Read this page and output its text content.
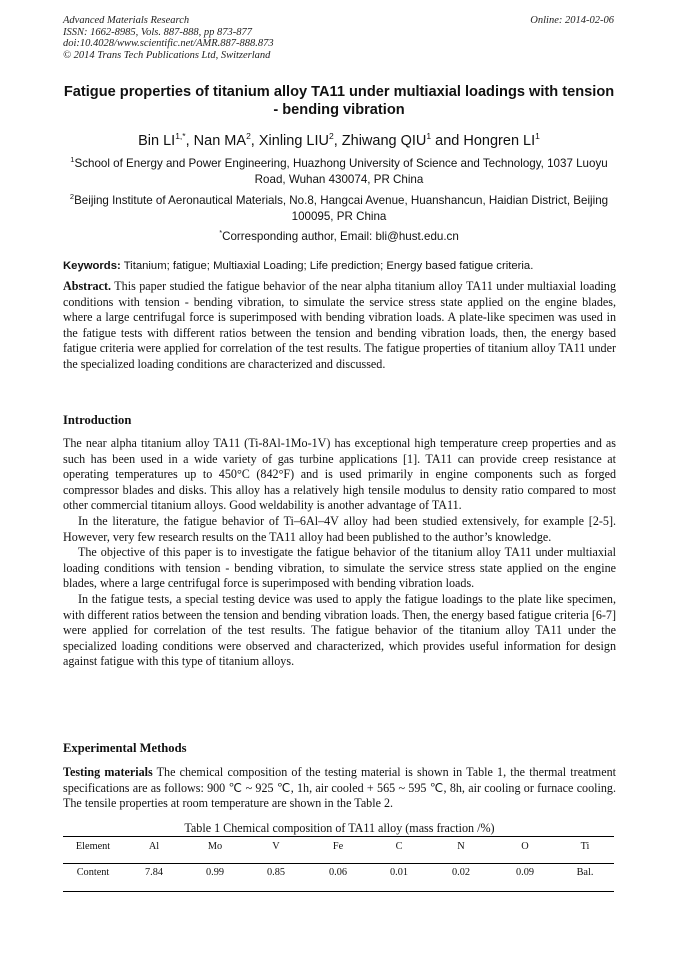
Advanced Materials Research
ISSN: 1662-8985, Vols. 887-888, pp 873-877
doi:10.4028/www.scientific.net/AMR.887-888.873
© 2014 Trans Tech Publications Ltd, Switzerland
Online: 2014-02-06
Fatigue properties of titanium alloy TA11 under multiaxial loadings with tension - bending vibration
Bin $LI^{1,*}$, Nan $MA^2$, Xinling LIU$^2$, Zhiwang QIU$^1$ and Hongren $LI^1$
$^1$School of Energy and Power Engineering, Huazhong University of Science and Technology, 1037 Luoyu Road, Wuhan 430074, PR China
$^2$Beijing Institute of Aeronautical Materials, No.8, Hangcai Avenue, Huanshancun, Haidian District, Beijing 100095, PR China
*Corresponding author, Email: bli@hust.edu.cn
Keywords: Titanium; fatigue; Multiaxial Loading; Life prediction; Energy based fatigue criteria.
Abstract. This paper studied the fatigue behavior of the near alpha titanium alloy TA11 under multiaxial loading conditions with tension - bending vibration, to simulate the service stress state applied on the engine blades, where a large centrifugal force is superimposed with bending vibration loads. A plate-like specimen was used in the fatigue tests with different ratios between the tension and bending vibration loads, then, the energy based fatigue criteria were applied for correlation of the test results. The fatigue properties of titanium alloy TA11 under the specialized loading conditions are characterized and discussed.
Introduction

The near alpha titanium alloy TA11 (Ti-8Al-1Mo-1V) has exceptional high temperature creep properties and as such has been used in a wide variety of gas turbine applications [1]. TA11 can provide creep resistance at operating temperatures up to 450°C (842°F) and is used primarily in engine components such as forged compressor blades and disks. This alloy has a relatively high tensile modulus to density ratio compared to most other commercial titanium alloys. Good weldability is another advantage of TA11.

In the literature, the fatigue behavior of Ti–6Al–4V alloy had been studied extensively, for example [2-5]. However, very few research results on the TA11 alloy had been published to the author’s knowledge.

The objective of this paper is to investigate the fatigue behavior of the titanium alloy TA11 under multiaxial loading conditions with tension - bending vibration, to simulate the service stress state applied on the engine blades, where a large centrifugal force is superimposed with bending vibration loads.

In the fatigue tests, a special testing device was used to apply the fatigue loadings to the plate like specimen, with different ratios between the tension and bending vibration loads. Then, the energy based fatigue criteria [6-7] were applied for correlation of the test results. The fatigue behavior of the titanium alloy TA11 under the specialized loading conditions were observed and characterized, which provides useful information for design against fatigue with this type of titanium alloys.

Experimental Methods
Testing materials The chemical composition of the testing material is shown in Table 1, the thermal treatment specifications are as follows: 900 ℃ ~ 925 ℃, 1h, air cooled + 565 ~ 595 ℃, 8h, air cooling or furnace cooling. The tensile properties at room temperature are shown in the Table 2.
Table 1 Chemical composition of TA11 alloy (mass fraction /%)
Element	Al	Mo	V	Fe	C	N	O	Ti
Content	7.84	0.99	0.85	0.06	0.01	0.02	0.09	Bal.
